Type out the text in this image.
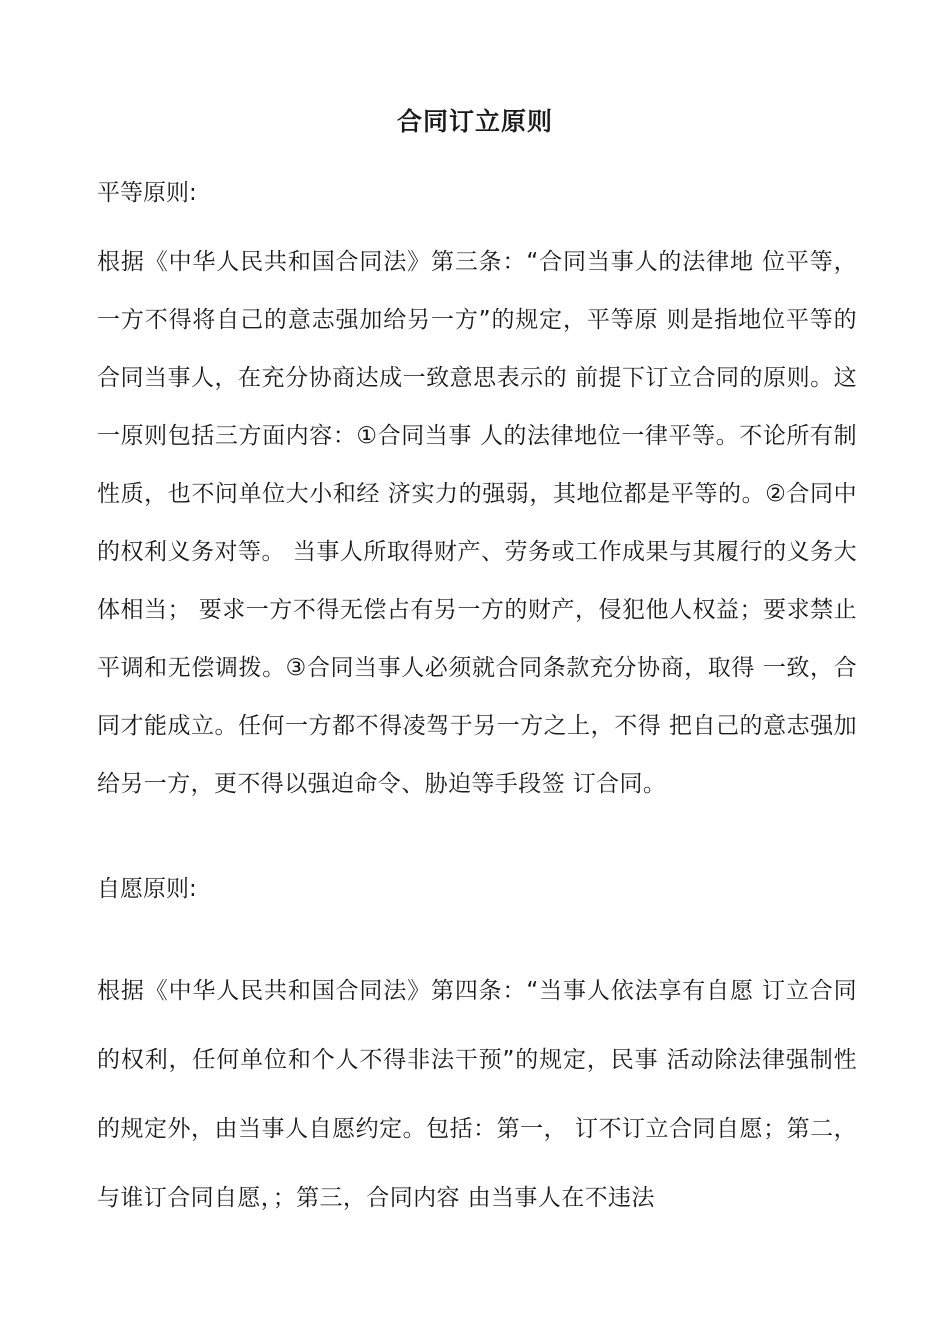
合同订立原则
平等原则:

根据《中华人民共和国合同法》第三条：“合同当事人的法律地 位平等，一方不得将自己的意志强加给另一方”的规定，平等原 则是指地位平等的合同当事人，在充分协商达成一致意思表示的 前提下订立合同的原则。这一原则包括三方面内容：①合同当事 人的法律地位一律平等。不论所有制性质，也不问单位大小和经 济实力的强弱，其地位都是平等的。②合同中的权利义务对等。 当事人所取得财产、劳务或工作成果与其履行的义务大体相当； 要求一方不得无偿占有另一方的财产，侵犯他人权益；要求禁止 平调和无偿调拨。③合同当事人必须就合同条款充分协商，取得 一致，合同才能成立。任何一方都不得凌驾于另一方之上，不得 把自己的意志强加给另一方，更不得以强迫命令、胁迫等手段签 订合同。

自愿原则:

根据《中华人民共和国合同法》第四条：“当事人依法享有自愿 订立合同的权利，任何单位和个人不得非法干预”的规定，民事 活动除法律强制性的规定外，由当事人自愿约定。包括：第一， 订不订立合同自愿；第二，与谁订合同自愿，；第三，合同内容 由当事人在不违法
